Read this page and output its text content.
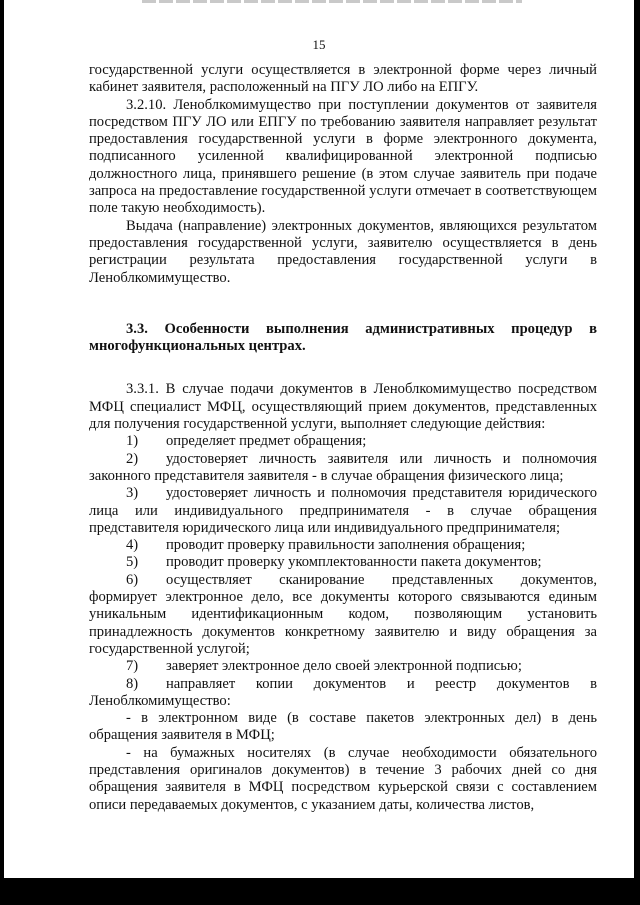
15

государственной услуги осуществляется в электронной форме через личный кабинет заявителя, расположенный на ПГУ ЛО либо на ЕПГУ.

3.2.10. Леноблкомимущество при поступлении документов от заявителя посредством ПГУ ЛО или ЕПГУ по требованию заявителя направляет результат предоставления государственной услуги в форме электронного документа, подписанного усиленной квалифицированной электронной подписью должностного лица, принявшего решение (в этом случае заявитель при подаче запроса на предоставление государственной услуги отмечает в соответствующем поле такую необходимость).

Выдача (направление) электронных документов, являющихся результатом предоставления государственной услуги, заявителю осуществляется в день регистрации результата предоставления государственной услуги в Леноблкомимущество.

3.3. Особенности выполнения административных процедур в многофункциональных центрах.

3.3.1. В случае подачи документов в Леноблкомимущество посредством МФЦ специалист МФЦ, осуществляющий прием документов, представленных для получения государственной услуги, выполняет следующие действия:

1) определяет предмет обращения;

2) удостоверяет личность заявителя или личность и полномочия законного представителя заявителя - в случае обращения физического лица;

3) удостоверяет личность и полномочия представителя юридического лица или индивидуального предпринимателя - в случае обращения представителя юридического лица или индивидуального предпринимателя;

4) проводит проверку правильности заполнения обращения;

5) проводит проверку укомплектованности пакета документов;

6) осуществляет сканирование представленных документов, формирует электронное дело, все документы которого связываются единым уникальным идентификационным кодом, позволяющим установить принадлежность документов конкретному заявителю и виду обращения за государственной услугой;

7) заверяет электронное дело своей электронной подписью;

8) направляет копии документов и реестр документов в Леноблкомимущество:

- в электронном виде (в составе пакетов электронных дел) в день обращения заявителя в МФЦ;

- на бумажных носителях (в случае необходимости обязательного представления оригиналов документов) в течение 3 рабочих дней со дня обращения заявителя в МФЦ посредством курьерской связи с составлением описи передаваемых документов, с указанием даты, количества листов,
